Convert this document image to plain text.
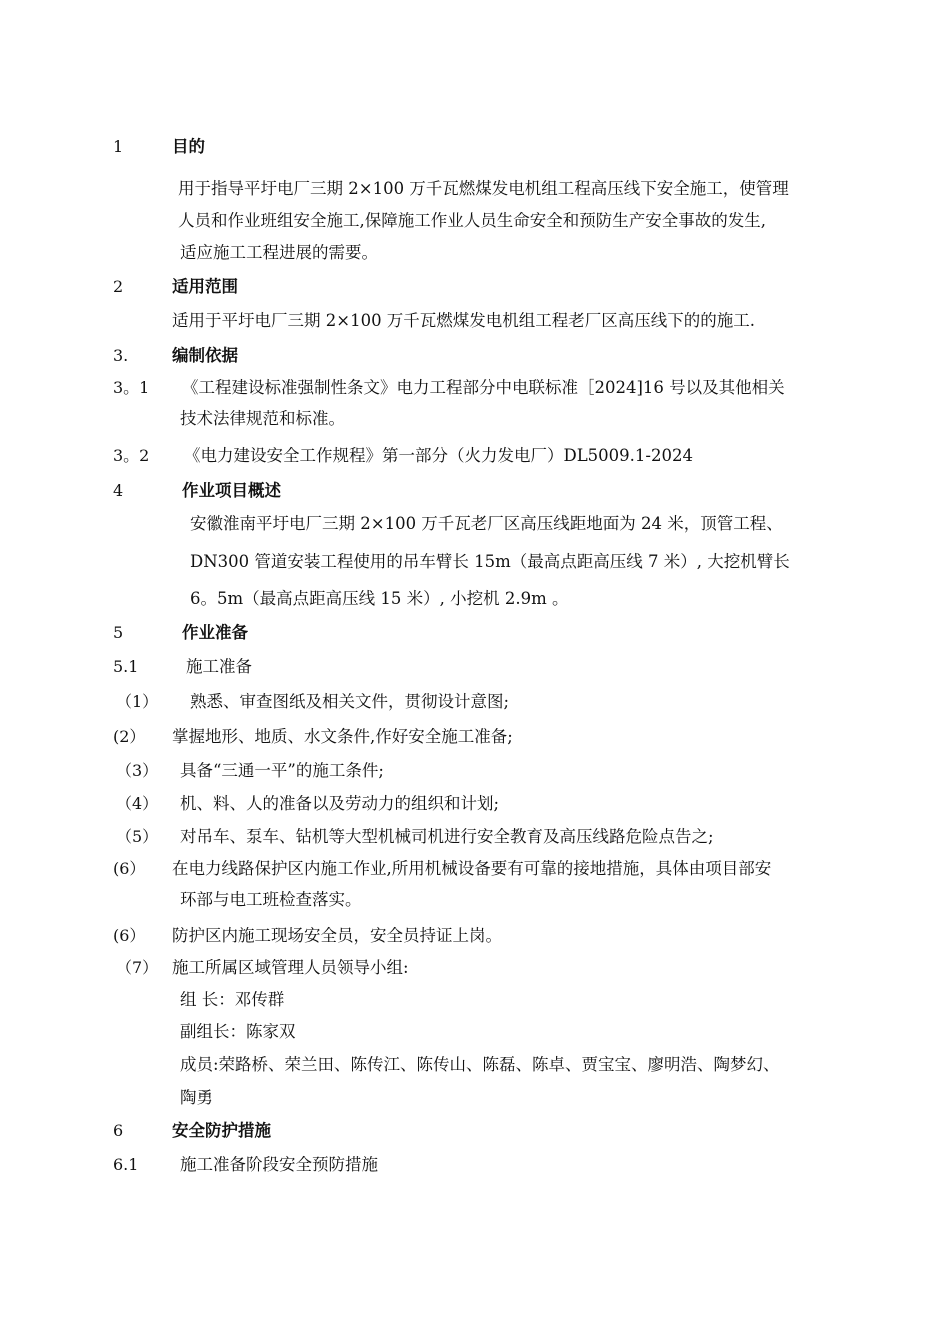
1	目的
用于指导平圩电厂三期 2×100 万千瓦燃煤发电机组工程高压线下安全施工，使管理
人员和作业班组安全施工,保障施工作业人员生命安全和预防生产安全事故的发生,
适应施工工程进展的需要。
2	适用范围
适用于平圩电厂三期 2×100 万千瓦燃煤发电机组工程老厂区高压线下的的施工.
3.	编制依据
3。1 《工程建设标准强制性条文》电力工程部分中电联标准［2024]16 号以及其他相关
技术法律规范和标准。
3。2 《电力建设安全工作规程》第一部分（火力发电厂）DL5009.1-2024
4	作业项目概述
安徽淮南平圩电厂三期 2×100 万千瓦老厂区高压线距地面为 24 米，顶管工程、
DN300 管道安装工程使用的吊车臂长 15m（最高点距高压线 7 米）, 大挖机臂长
6。5m（最高点距高压线 15 米）, 小挖机 2.9m 。
5	作业准备
5.1	施工准备
（1） 熟悉、审查图纸及相关文件，贯彻设计意图;
(2） 掌握地形、地质、水文条件,作好安全施工准备;
（3） 具备“三通一平”的施工条件;
（4） 机、料、人的准备以及劳动力的组织和计划;
（5） 对吊车、泵车、钻机等大型机械司机进行安全教育及高压线路危险点告之;
(6） 在电力线路保护区内施工作业,所用机械设备要有可靠的接地措施，具体由项目部安
环部与电工班检查落实。
(6） 防护区内施工现场安全员，安全员持证上岗。
（7） 施工所属区域管理人员领导小组:
组 长：邓传群
副组长：陈家双
成员:荣路桥、荣兰田、陈传江、陈传山、陈磊、陈卓、贾宝宝、廖明浩、陶梦幻、
陶勇
6	安全防护措施
6.1	施工准备阶段安全预防措施
